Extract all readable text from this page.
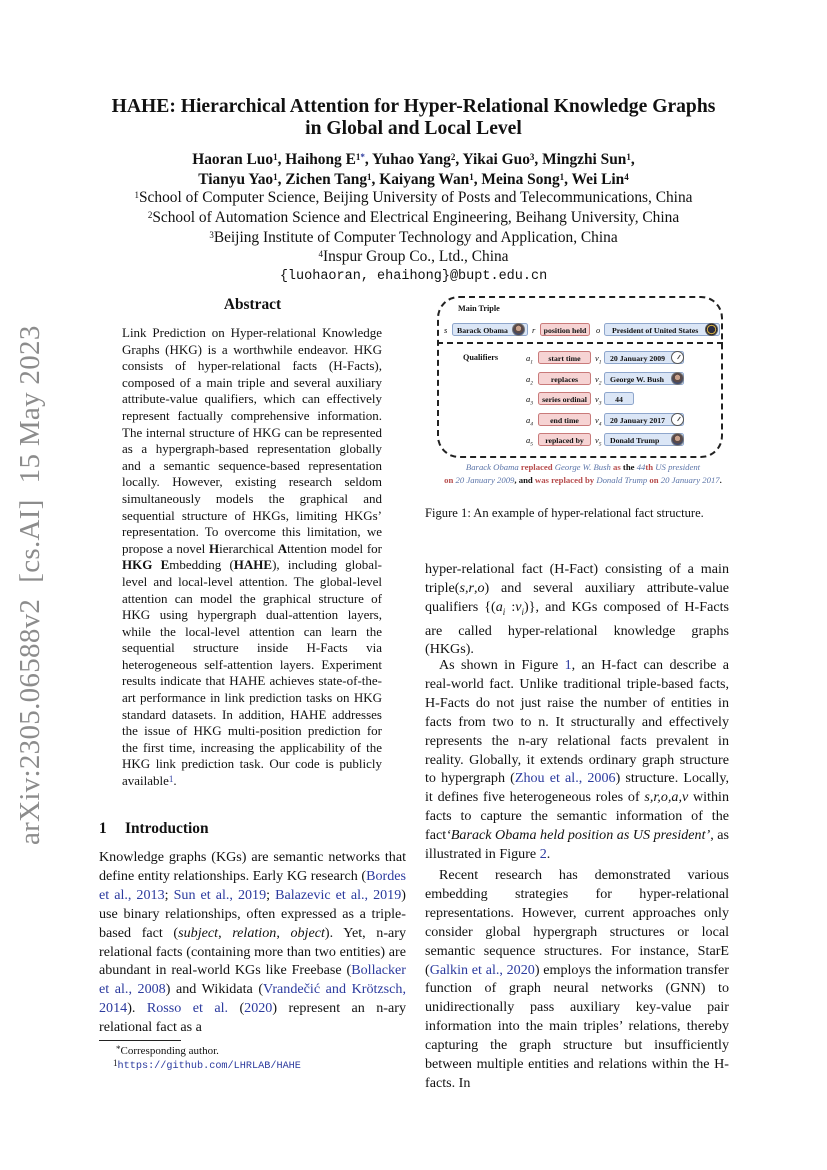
arXiv:2305.06588v2[cs.AI]15 May 2023
HAHE: Hierarchical Attention for Hyper-Relational Knowledge Graphs
in Global and Local Level
Haoran Luo$^1$, Haihong $E^{1*}$, Yuhao Yang$^2$, Yikai Guo$^3$, Mingzhi Sun$^1$,
Tianyu Yao$^1$, Zichen Tang$^1$, Kaiyang Wan$^1$, Meina Song$^1$, Wei Lin$^4$
$^1$School of Computer Science, Beijing University of Posts and Telecommunications, China
$^2$School of Automation Science and Electrical Engineering, Beihang University, China
$^3$Beijing Institute of Computer Technology and Application, China
$^4$Inspur Group Co., Ltd., China
{luohaoran, ehaihong}@bupt.edu.cn
Abstract
Link Prediction on Hyper-relational Knowledge Graphs (HKG) is a worthwhile endeavor. HKG consists of hyper-relational facts (H-Facts), composed of a main triple and several auxiliary attribute-value qualifiers, which can effectively represent factually comprehensive information. The internal structure of HKG can be represented as a hypergraph-based representation globally and a semantic sequence-based representation locally. However, existing research seldom simultaneously models the graphical and sequential structure of HKGs, limiting HKGs’ representation. To overcome this limitation, we propose a novel Hierarchical Attention model for HKG Embedding (HAHE), including global-level and local-level attention. The global-level attention can model the graphical structure of HKG using hypergraph dual-attention layers, while the local-level attention can learn the sequential structure inside H-Facts via heterogeneous self-attention layers. Experiment results indicate that HAHE achieves state-of-the-art performance in link prediction tasks on HKG standard datasets. In addition, HAHE addresses the issue of HKG multi-position prediction for the first time, increasing the applicability of the HKG link prediction task. Our code is publicly available$^1$.
1 Introduction
Knowledge graphs (KGs) are semantic networks that define entity relationships. Early KG research (Bordes et al., 2013; Sun et al., 2019; Balazevic et al., 2019) use binary relationships, often expressed as a triple-based fact (subject, relation, object). Yet, n-ary relational facts (containing more than two entities) are abundant in real-world KGs like Freebase (Bollacker et al., 2008) and Wikidata (Vrandečić and Krötzsch, 2014). Rosso et al. (2020) represent an n-ary relational fact as a
*Corresponding author.
$^1$https://github.com/LHRLAB/HAHE
Main Triple
s	Barack Obama	r	position held	o	President of United States
Qualifiers	$a_1$	start time	$v_1$	20 January 2009
$a_2$	replaces	$v_2$	George W. Bush
$a_3$	series ordinal $v_3$	44
$a_4$	end time	$v_4$	20 January 2017
$a_5$	replaced by	$v_5$	Donald Trump
Barack Obama replaced George W. Bush as the 44th US president
on 20 January 2009, and was replaced by Donald Trump on 20 January 2017.
Figure 1: An example of hyper-relational fact structure.
hyper-relational fact (H-Fact) consisting of a main triple(s,r,o) and several auxiliary attribute-value qualifiers {($a_i$ $:v_i$)}, and KGs composed of H-Facts are called hyper-relational knowledge graphs (HKGs).
As shown in Figure 1, an H-fact can describe a real-world fact. Unlike traditional triple-based facts, H-Facts do not just raise the number of entities in facts from two to n. It structurally and effectively represents the n-ary relational facts prevalent in reality. Globally, it extends ordinary graph structure to hypergraph (Zhou et al., 2006) structure. Locally, it defines five heterogeneous roles of s,r,o,a,v within facts to capture the semantic information of the fact‘Barack Obama held position as US president’, as illustrated in Figure 2.
Recent research has demonstrated various embedding strategies for hyper-relational representations. However, current approaches only consider global hypergraph structures or local semantic sequence structures. For instance, StarE (Galkin et al., 2020) employs the information transfer function of graph neural networks (GNN) to unidirectionally pass auxiliary key-value pair information into the main triples’ relations, thereby capturing the graph structure but insufficiently between multiple entities and relations within the H-facts. In
